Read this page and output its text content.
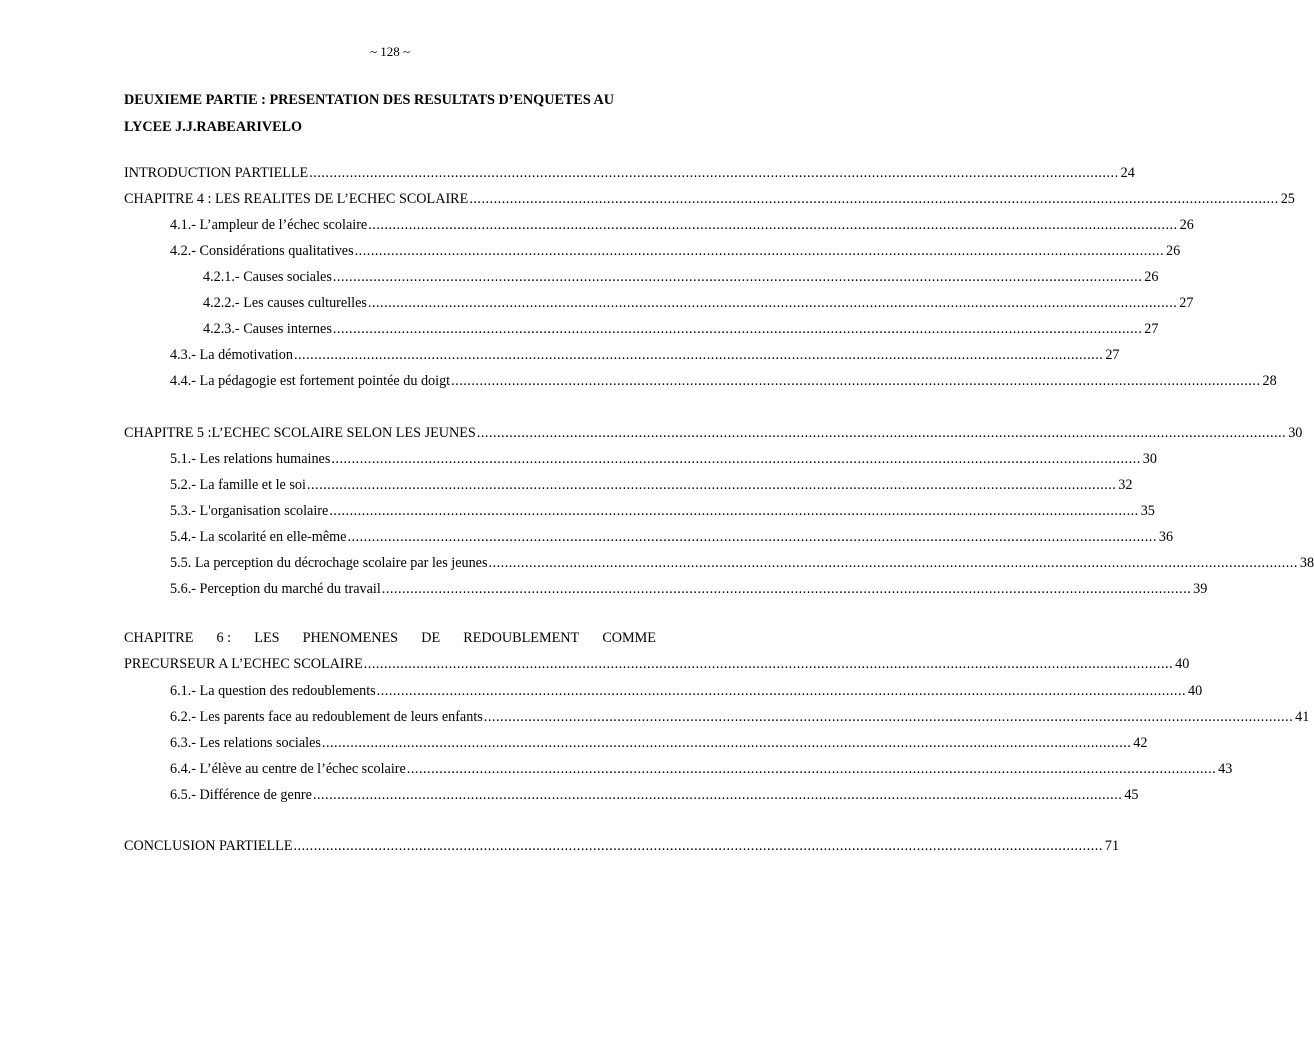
~ 128 ~
DEUXIEME PARTIE : PRESENTATION DES RESULTATS D’ENQUETES AU LYCEE J.J.RABEARIVELO
INTRODUCTION PARTIELLE ........................................................................................................................................................................................................ 24
CHAPITRE 4 : LES REALITES DE L’ECHEC SCOLAIRE ........................................................................................................................................................................................................ 25
4.1.- L’ampleur de l’échec scolaire ........................................................................................................................................................................................................ 26
4.2.- Considérations qualitatives ........................................................................................................................................................................................................ 26
4.2.1.- Causes sociales ........................................................................................................................................................................................................ 26
4.2.2.- Les causes culturelles ........................................................................................................................................................................................................ 27
4.2.3.- Causes internes ........................................................................................................................................................................................................ 27
4.3.- La démotivation ........................................................................................................................................................................................................ 27
4.4.- La pédagogie est fortement pointée du doigt ........................................................................................................................................................................................................ 28
CHAPITRE 5 :L’ECHEC SCOLAIRE SELON LES JEUNES ........................................................................................................................................................................................................ 30
5.1.- Les relations humaines ........................................................................................................................................................................................................ 30
5.2.- La famille et le soi ........................................................................................................................................................................................................ 32
5.3.- L'organisation scolaire ........................................................................................................................................................................................................ 35
5.4.- La scolarité en elle-même ........................................................................................................................................................................................................ 36
5.5. La perception du décrochage scolaire par les jeunes ........................................................................................................................................................................................................ 38
5.6.- Perception du marché du travail ........................................................................................................................................................................................................ 39
CHAPITRE 6 : LES PHENOMENES DE REDOUBLEMENT COMME
PRECURSEUR A L’ECHEC SCOLAIRE ........................................................................................................................................................................................................ 40
6.1.- La question des redoublements ........................................................................................................................................................................................................ 40
6.2.- Les parents face au redoublement de leurs enfants ........................................................................................................................................................................................................ 41
6.3.- Les relations sociales ........................................................................................................................................................................................................ 42
6.4.- L’élève au centre de l’échec scolaire ........................................................................................................................................................................................................ 43
6.5.- Différence de genre ........................................................................................................................................................................................................ 45
CONCLUSION PARTIELLE ........................................................................................................................................................................................................ 71
